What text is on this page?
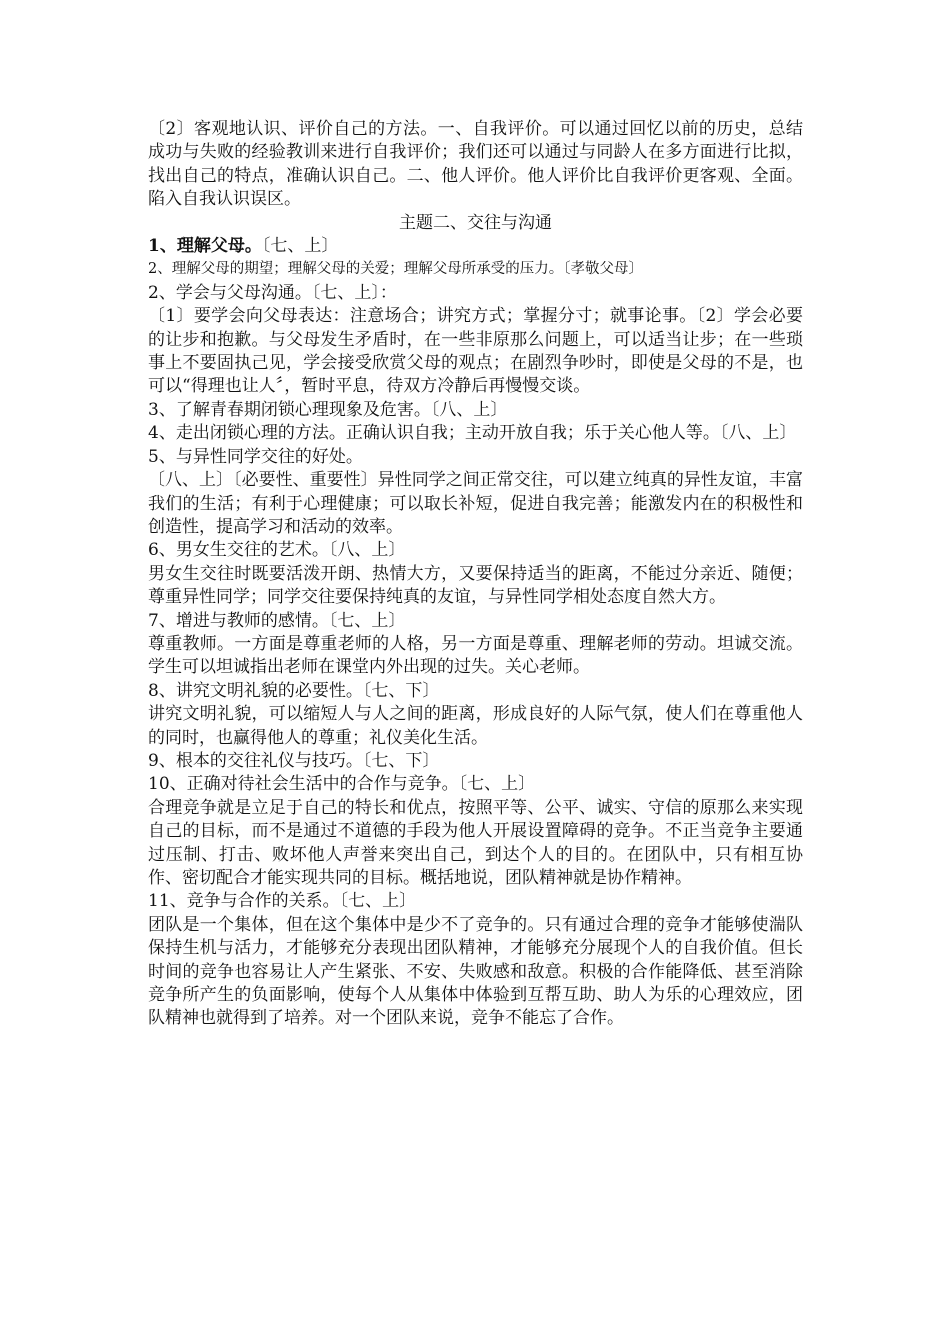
〔2〕客观地认识、评价自己的方法。一、自我评价。可以通过回忆以前的历史，总结成功与失败的经验教训来进行自我评价；我们还可以通过与同龄人在多方面进行比拟，找出自己的特点，准确认识自己。二、他人评价。他人评价比自我评价更客观、全面。陷入自我认识误区。

主题二、交往与沟通

1、理解父母。〔七、上〕

2、理解父母的期望；理解父母的关爱；理解父母所承受的压力。〔孝敬父母〕

2、学会与父母沟通。〔七、上〕：

〔1〕要学会向父母表达：注意场合；讲究方式；掌握分寸；就事论事。〔2〕学会必要的让步和抱歉。与父母发生矛盾时，在一些非原那么问题上，可以适当让步；在一些琐事上不要固执己见，学会接受欣赏父母的观点；在剧烈争吵时，即使是父母的不是，也可以“得理也让人〞，暂时平息，待双方冷静后再慢慢交谈。

3、了解青春期闭锁心理现象及危害。〔八、上〕

4、走出闭锁心理的方法。正确认识自我；主动开放自我；乐于关心他人等。〔八、上〕

5、与异性同学交往的好处。

〔八、上〕〔必要性、重要性〕异性同学之间正常交往，可以建立纯真的异性友谊，丰富我们的生活；有利于心理健康；可以取长补短，促进自我完善；能激发内在的积极性和创造性，提高学习和活动的效率。

6、男女生交往的艺术。〔八、上〕

男女生交往时既要活泼开朗、热情大方，又要保持适当的距离，不能过分亲近、随便；尊重异性同学；同学交往要保持纯真的友谊，与异性同学相处态度自然大方。

7、增进与教师的感情。〔七、上〕

尊重教师。一方面是尊重老师的人格，另一方面是尊重、理解老师的劳动。坦诚交流。学生可以坦诚指出老师在课堂内外出现的过失。关心老师。

8、讲究文明礼貌的必要性。〔七、下〕

讲究文明礼貌，可以缩短人与人之间的距离，形成良好的人际气氛，使人们在尊重他人的同时，也赢得他人的尊重；礼仪美化生活。

9、根本的交往礼仪与技巧。〔七、下〕

10、正确对待社会生活中的合作与竞争。〔七、上〕

合理竞争就是立足于自己的特长和优点，按照平等、公平、诚实、守信的原那么来实现自己的目标，而不是通过不道德的手段为他人开展设置障碍的竞争。不正当竞争主要通过压制、打击、败坏他人声誉来突出自己，到达个人的目的。在团队中，只有相互协作、密切配合才能实现共同的目标。概括地说，团队精神就是协作精神。

11、竞争与合作的关系。〔七、上〕

团队是一个集体，但在这个集体中是少不了竞争的。只有通过合理的竞争才能够使湍队保持生机与活力，才能够充分表现出团队精神，才能够充分展现个人的自我价值。但长时间的竞争也容易让人产生紧张、不安、失败感和敌意。积极的合作能降低、甚至消除竞争所产生的负面影响，使每个人从集体中体验到互帮互助、助人为乐的心理效应，团队精神也就得到了培养。对一个团队来说，竞争不能忘了合作。
